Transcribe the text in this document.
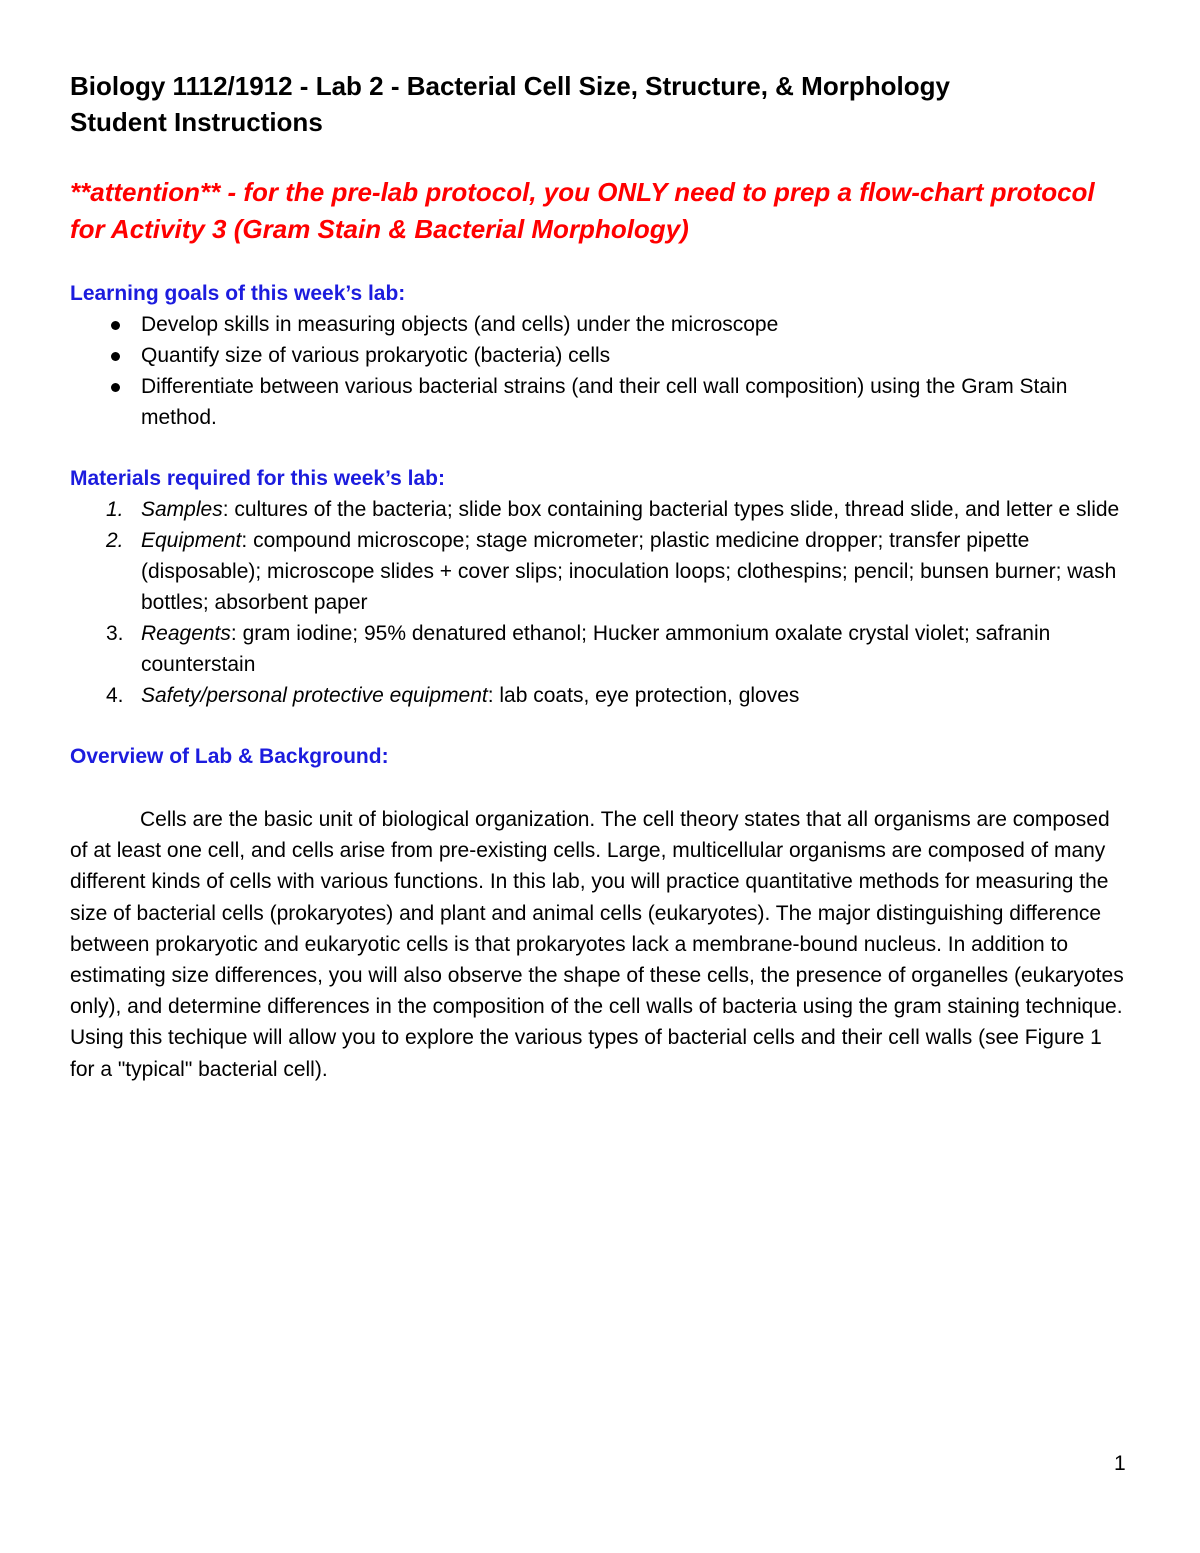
Biology 1112/1912 - Lab 2 - Bacterial Cell Size, Structure, & Morphology
Student Instructions
**attention** - for the pre-lab protocol, you ONLY need to prep a flow-chart protocol for Activity 3 (Gram Stain & Bacterial Morphology)
Learning goals of this week’s lab:
Develop skills in measuring objects (and cells) under the microscope
Quantify size of various prokaryotic (bacteria) cells
Differentiate between various bacterial strains (and their cell wall composition) using the Gram Stain method.
Materials required for this week’s lab:
1. Samples: cultures of the bacteria; slide box containing bacterial types slide, thread slide, and letter e slide
2. Equipment: compound microscope; stage micrometer; plastic medicine dropper; transfer pipette (disposable); microscope slides + cover slips; inoculation loops; clothespins; pencil; bunsen burner; wash bottles; absorbent paper
3. Reagents: gram iodine; 95% denatured ethanol; Hucker ammonium oxalate crystal violet; safranin counterstain
4. Safety/personal protective equipment: lab coats, eye protection, gloves
Overview of Lab & Background:
Cells are the basic unit of biological organization. The cell theory states that all organisms are composed of at least one cell, and cells arise from pre-existing cells. Large, multicellular organisms are composed of many different kinds of cells with various functions. In this lab, you will practice quantitative methods for measuring the size of bacterial cells (prokaryotes) and plant and animal cells (eukaryotes). The major distinguishing difference between prokaryotic and eukaryotic cells is that prokaryotes lack a membrane-bound nucleus. In addition to estimating size differences, you will also observe the shape of these cells, the presence of organelles (eukaryotes only), and determine differences in the composition of the cell walls of bacteria using the gram staining technique. Using this techique will allow you to explore the various types of bacterial cells and their cell walls (see Figure 1 for a "typical" bacterial cell).
1
